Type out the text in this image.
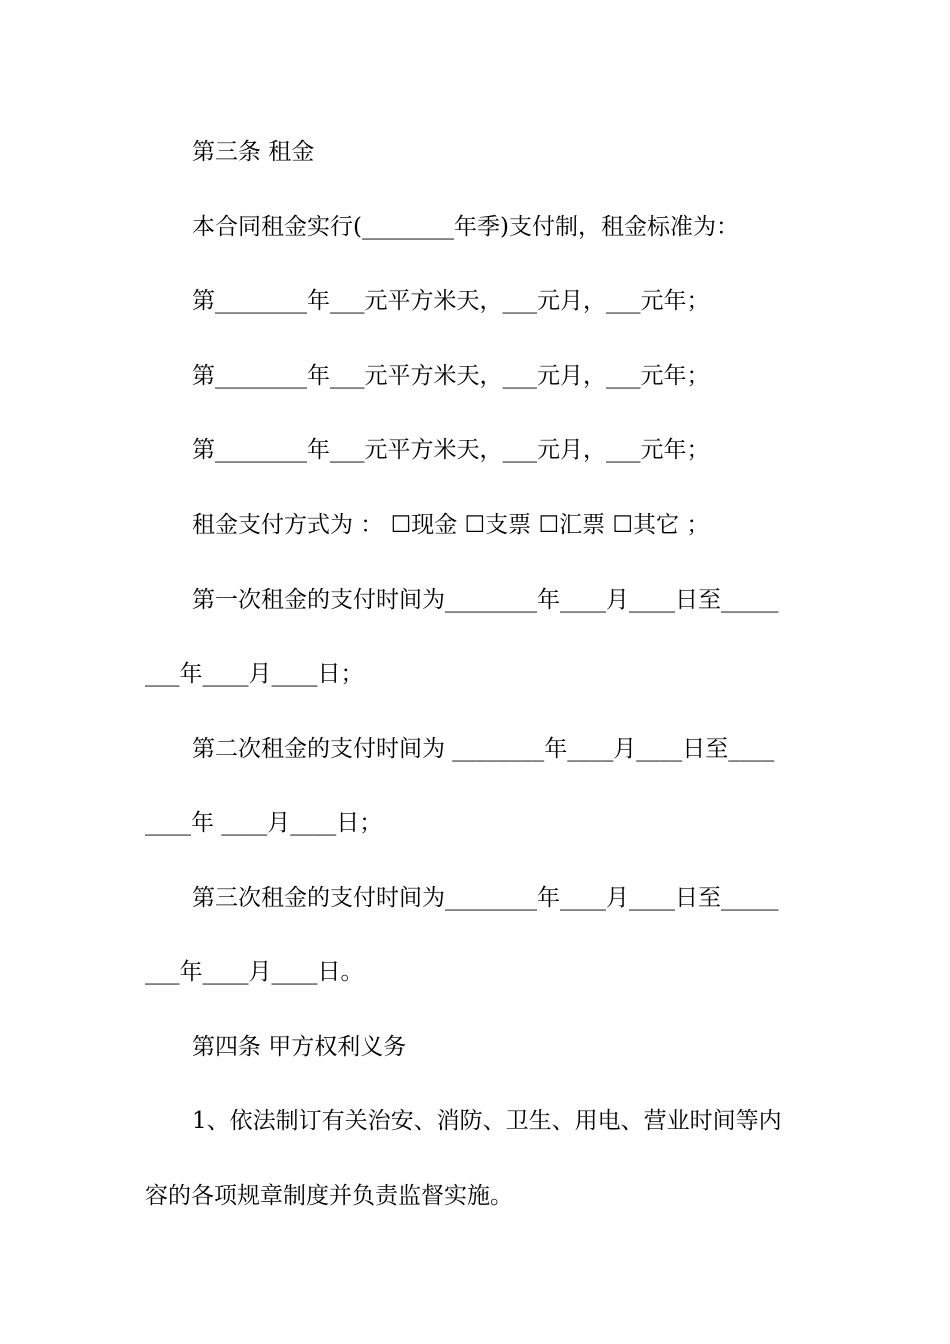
第三条 租金
本合同租金实行(________年季)支付制，租金标准为：
第________年___元平方米天，___元月，___元年；
第________年___元平方米天，___元月，___元年；
第________年___元平方米天，___元月，___元年；
租金支付方式为 ： ☐现金 ☐支票 ☐汇票 ☐其它 ；
第一次租金的支付时间为________年____月____日至_____
___年____月____日；
第二次租金的支付时间为 ________年____月____日至____
____年 ____月____日；
第三次租金的支付时间为________年____月____日至_____
___年____月____日。
第四条 甲方权利义务
1、依法制订有关治安、消防、卫生、用电、营业时间等内
容的各项规章制度并负责监督实施。
